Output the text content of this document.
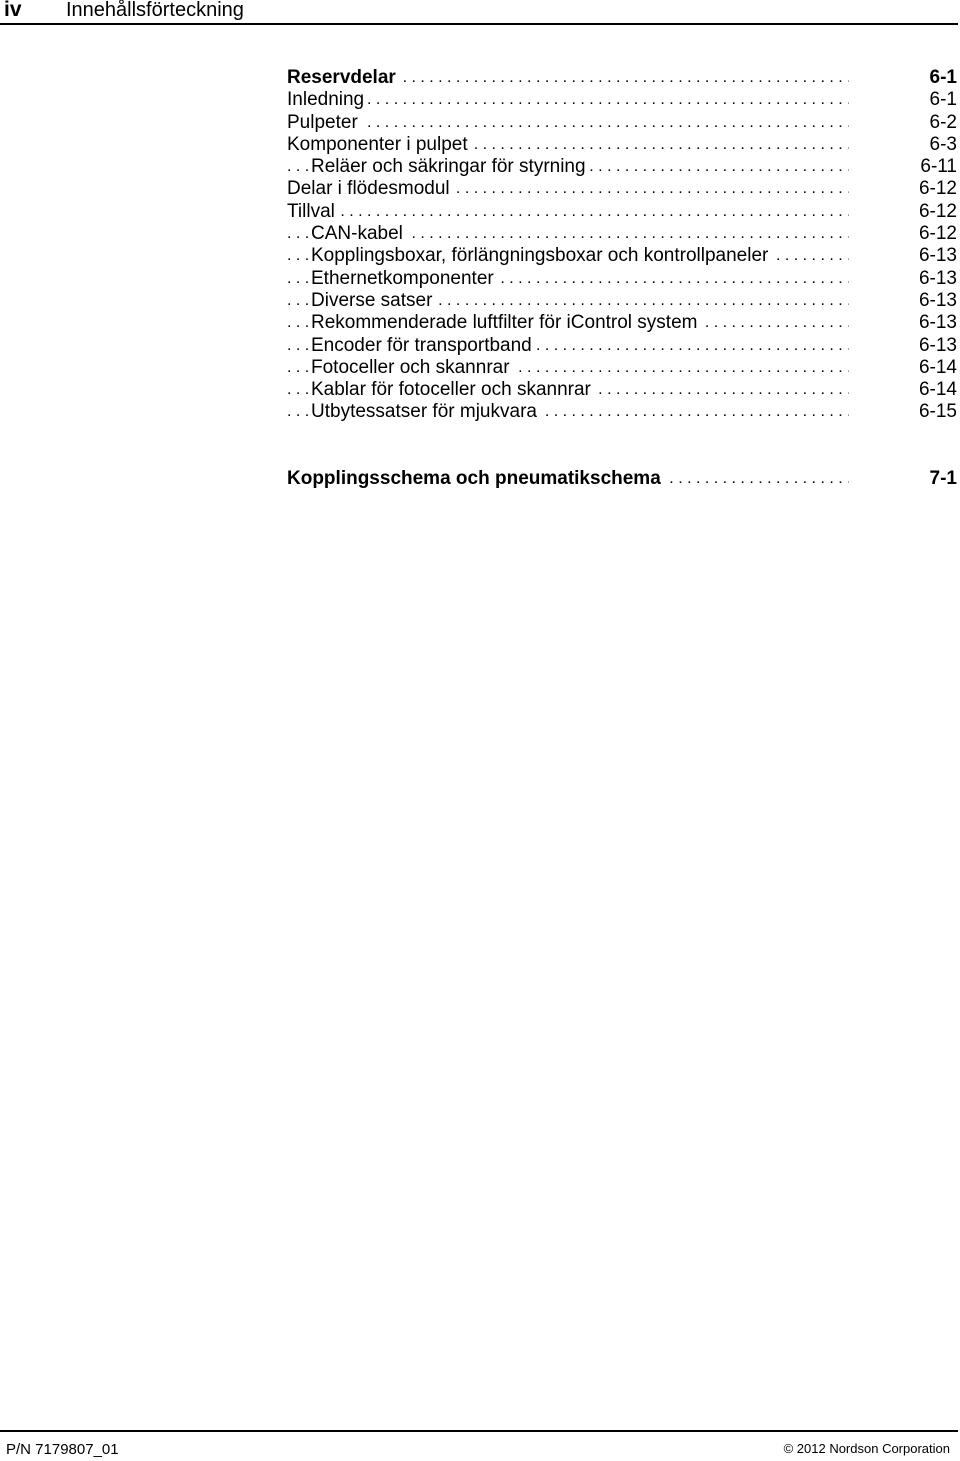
iv Innehållsförteckning
. . .
Reservdelar	6-1
. . .
Inledning	6-1
. . .
Pulpeter	6-2
. . .
Komponenter i pulpet	6-3
. . .
Reläer och säkringar för styrning	6-11
. . .
Delar i flödesmodul	6-12
. . .
Tillval	6-12
. . .
CAN-kabel	6-12
. . .
Kopplingsboxar, förlängningsboxar och kontrollpaneler	6-13
. . .
Ethernetkomponenter	6-13
. . .
Diverse satser	6-13
. . .
Rekommenderade luftfilter för iControl system	6-13
. . .
Encoder för transportband	6-13
. . .
Fotoceller och skannrar	6-14
. . .
Kablar för fotoceller och skannrar	6-14
. . .
Utbytessatser för mjukvara	6-15
. . .
Kopplingsschema och pneumatikschema	7-1
P/N 7179807_01	© 2012 Nordson Corporation
